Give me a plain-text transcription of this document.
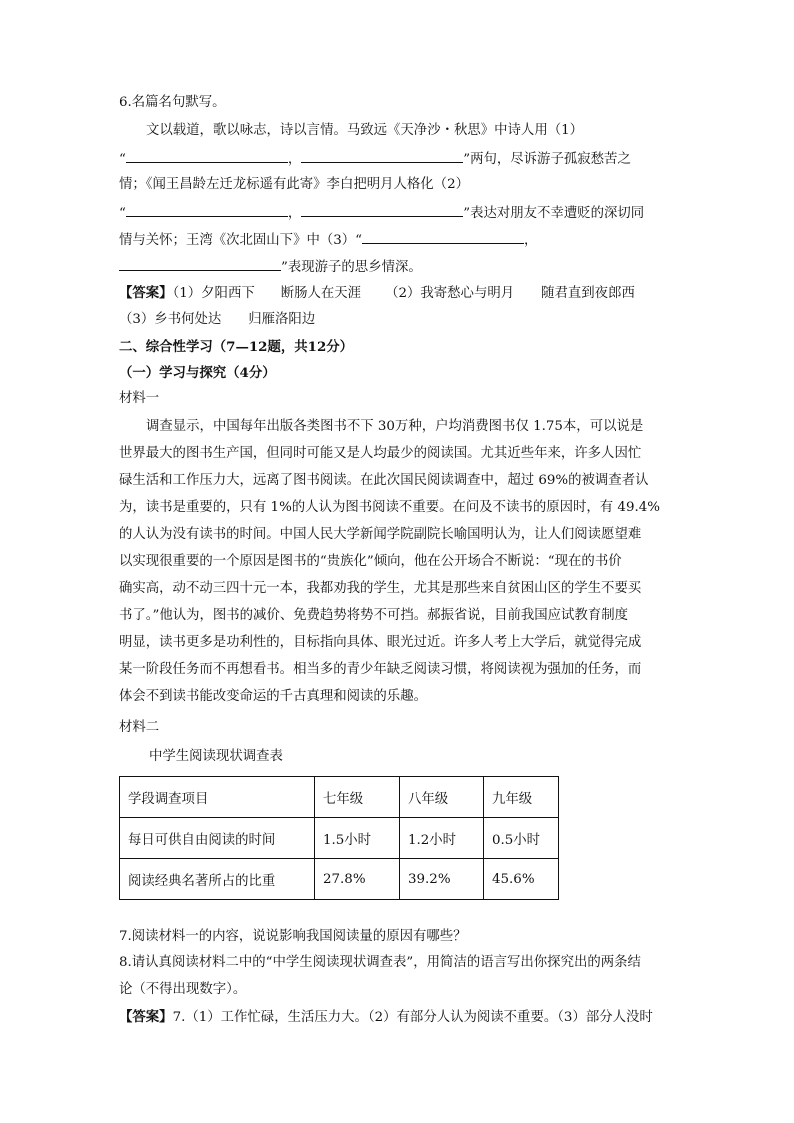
6.名篇名句默写。
文以载道，歌以咏志，诗以言情。马致远《天净沙・秋思》中诗人用（1）
“	，	”两句，尽诉游子孤寂愁苦之
情；《闻王昌龄左迁龙标遥有此寄》李白把明月人格化（2）
“	，	”表达对朋友不幸遭贬的深切同
情与关怀；王湾《次北固山下》中（3）“	，
”表现游子的思乡情深。
【答案】（1）夕阳西下 断肠人在天涯 （2）我寄愁心与明月 随君直到夜郎西
（3）乡书何处达 归雁洛阳边
二、综合性学习（7—12题，共12分）
（一）学习与探究（4分）
材料一
调查显示，中国每年出版各类图书不下 30万种，户均消费图书仅 1.75本，可以说是
世界最大的图书生产国，但同时可能又是人均最少的阅读国。尤其近些年来，许多人因忙
碌生活和工作压力大，远离了图书阅读。在此次国民阅读调查中，超过 69%的被调查者认
为，读书是重要的，只有 1%的人认为图书阅读不重要。在问及不读书的原因时，有 49.4%
的人认为没有读书的时间。中国人民大学新闻学院副院长喻国明认为，让人们阅读愿望难
以实现很重要的一个原因是图书的“贵族化”倾向，他在公开场合不断说：“现在的书价
确实高，动不动三四十元一本，我都劝我的学生，尤其是那些来自贫困山区的学生不要买
书了。”他认为，图书的减价、免费趋势将势不可挡。郝振省说，目前我国应试教育制度
明显，读书更多是功利性的，目标指向具体、眼光过近。许多人考上大学后，就觉得完成
某一阶段任务而不再想看书。相当多的青少年缺乏阅读习惯，将阅读视为强加的任务，而
体会不到读书能改变命运的千古真理和阅读的乐趣。
材料二
中学生阅读现状调查表
学段调查项目	七年级	八年级	九年级
每日可供自由阅读的时间	1.5小时	1.2小时	0.5小时
阅读经典名著所占的比重	27.8%	39.2%	45.6%
7.阅读材料一的内容，说说影响我国阅读量的原因有哪些？
8.请认真阅读材料二中的“中学生阅读现状调查表”，用简洁的语言写出你探究出的两条结
论（不得出现数字）。
【答案】7.（1）工作忙碌，生活压力大。（2）有部分人认为阅读不重要。（3）部分人没时
